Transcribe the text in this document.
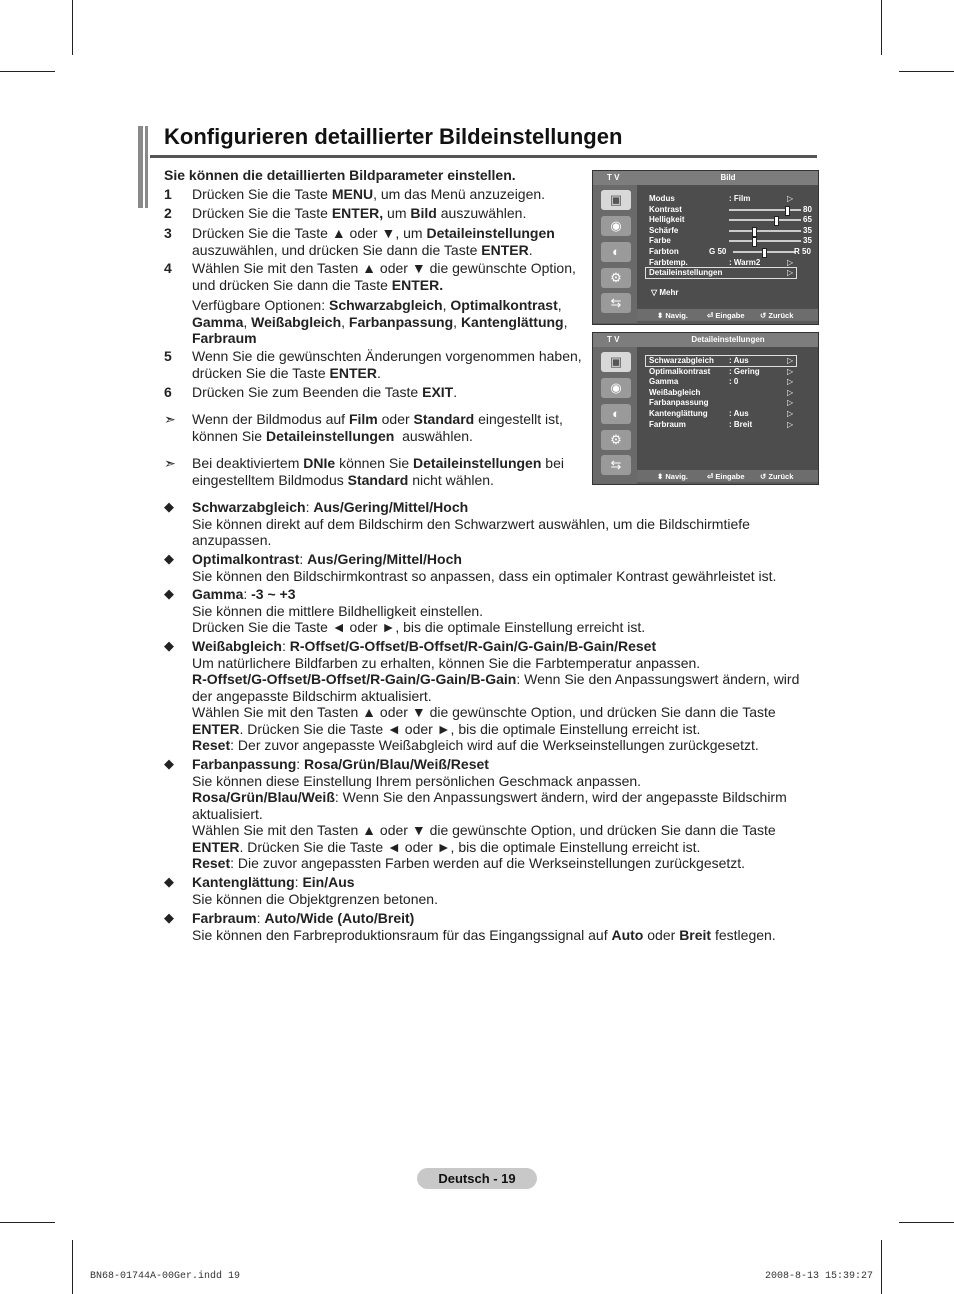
Konfigurieren detaillierter Bildeinstellungen
Sie können die detaillierten Bildparameter einstellen.
1 Drücken Sie die Taste MENU, um das Menü anzuzeigen.
2 Drücken Sie die Taste ENTER, um Bild auszuwählen.
3 Drücken Sie die Taste ▲ oder ▼, um Detaileinstellungen auszuwählen, und drücken Sie dann die Taste ENTER.
4 Wählen Sie mit den Tasten ▲ oder ▼ die gewünschte Option, und drücken Sie dann die Taste ENTER.
Verfügbare Optionen: Schwarzabgleich, Optimalkontrast, Gamma, Weißabgleich, Farbanpassung, Kantenglättung, Farbraum
5 Wenn Sie die gewünschten Änderungen vorgenommen haben, drücken Sie die Taste ENTER.
6 Drücken Sie zum Beenden die Taste EXIT.
➣ Wenn der Bildmodus auf Film oder Standard eingestellt ist, können Sie Detaileinstellungen  auswählen.
➣ Bei deaktiviertem DNIe können Sie Detaileinstellungen bei eingestelltem Bildmodus Standard nicht wählen.
◆ Schwarzabgleich: Aus/Gering/Mittel/Hoch
Sie können direkt auf dem Bildschirm den Schwarzwert auswählen, um die Bildschirmtiefe anzupassen.
◆ Optimalkontrast: Aus/Gering/Mittel/Hoch
Sie können den Bildschirmkontrast so anpassen, dass ein optimaler Kontrast gewährleistet ist.
◆ Gamma: -3 ~ +3
Sie können die mittlere Bildhelligkeit einstellen.
Drücken Sie die Taste ◄ oder ►, bis die optimale Einstellung erreicht ist.
◆ Weißabgleich: R-Offset/G-Offset/B-Offset/R-Gain/G-Gain/B-Gain/Reset
Um natürlichere Bildfarben zu erhalten, können Sie die Farbtemperatur anpassen.
R-Offset/G-Offset/B-Offset/R-Gain/G-Gain/B-Gain: Wenn Sie den Anpassungswert ändern, wird der angepasste Bildschirm aktualisiert.
Wählen Sie mit den Tasten ▲ oder ▼ die gewünschte Option, und drücken Sie dann die Taste ENTER. Drücken Sie die Taste ◄ oder ►, bis die optimale Einstellung erreicht ist.
Reset: Der zuvor angepasste Weißabgleich wird auf die Werkseinstellungen zurückgesetzt.
◆ Farbanpassung: Rosa/Grün/Blau/Weiß/Reset
Sie können diese Einstellung Ihrem persönlichen Geschmack anpassen.
Rosa/Grün/Blau/Weiß: Wenn Sie den Anpassungswert ändern, wird der angepasste Bildschirm aktualisiert.
Wählen Sie mit den Tasten ▲ oder ▼ die gewünschte Option, und drücken Sie dann die Taste ENTER. Drücken Sie die Taste ◄ oder ►, bis die optimale Einstellung erreicht ist.
Reset: Die zuvor angepassten Farben werden auf die Werkseinstellungen zurückgesetzt.
◆ Kantenglättung: Ein/Aus
Sie können die Objektgrenzen betonen.
◆ Farbraum: Auto/Wide (Auto/Breit)
Sie können den Farbreproduktionsraum für das Eingangssignal auf Auto oder Breit festlegen.
T V	Bild
▣
◉
◐
⚙
⇆
▽ Mehr
Modus	: Film	▷
Kontrast	80
Helligkeit	65
Schärfe	35
Farbe	35
Farbton	G 50	R 50
Farbtemp.	: Warm2	▷
Detaileinstellungen	▷
⬍ Navig.	⏎ Eingabe ↺ Zurück
T V	Detaileinstellungen
▣
◉
◐
⚙
⇆
Schwarzabgleich : Aus	▷
Optimalkontrast : Gering	▷
Gamma	: 0	▷
Weißabgleich	▷
Farbanpassung	▷
Kantenglättung	: Aus	▷
Farbraum	: Breit	▷
⬍ Navig.	⏎ Eingabe ↺ Zurück
Deutsch - 19
BN68-01744A-00Ger.indd 19	2008-8-13 15:39:27
